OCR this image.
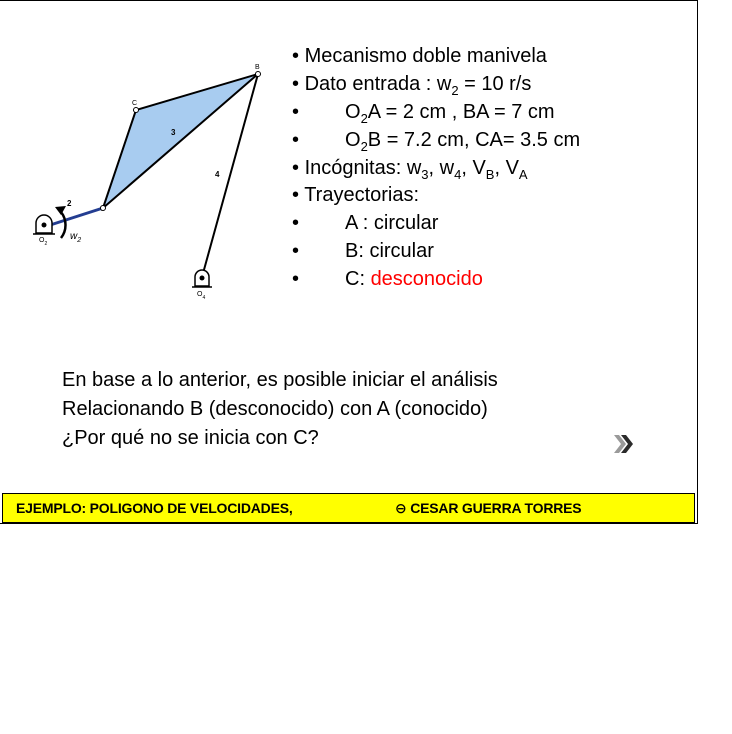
B
C
2
3
4
$w_2$
$O_2$
$O_4$
• Mecanismo doble manivela
• Dato entrada : $w_2 = 10$ r/s
• $O_2A = 2$ cm , BA = 7 cm
• $O_2B = 7.2$ cm, CA= 3.5 cm
• Incógnitas: $w_3$, $w_4$, $V_B$, $V_A$
• Trayectorias:
• A : circular
• B: circular
• C: desconocido
En base a lo anterior, es posible iniciar el análisis
Relacionando B (desconocido) con A (conocido)
¿Por qué no se inicia con C?
EJEMPLO: POLIGONO DE VELOCIDADES,	⊖ CESAR GUERRA TORRES
